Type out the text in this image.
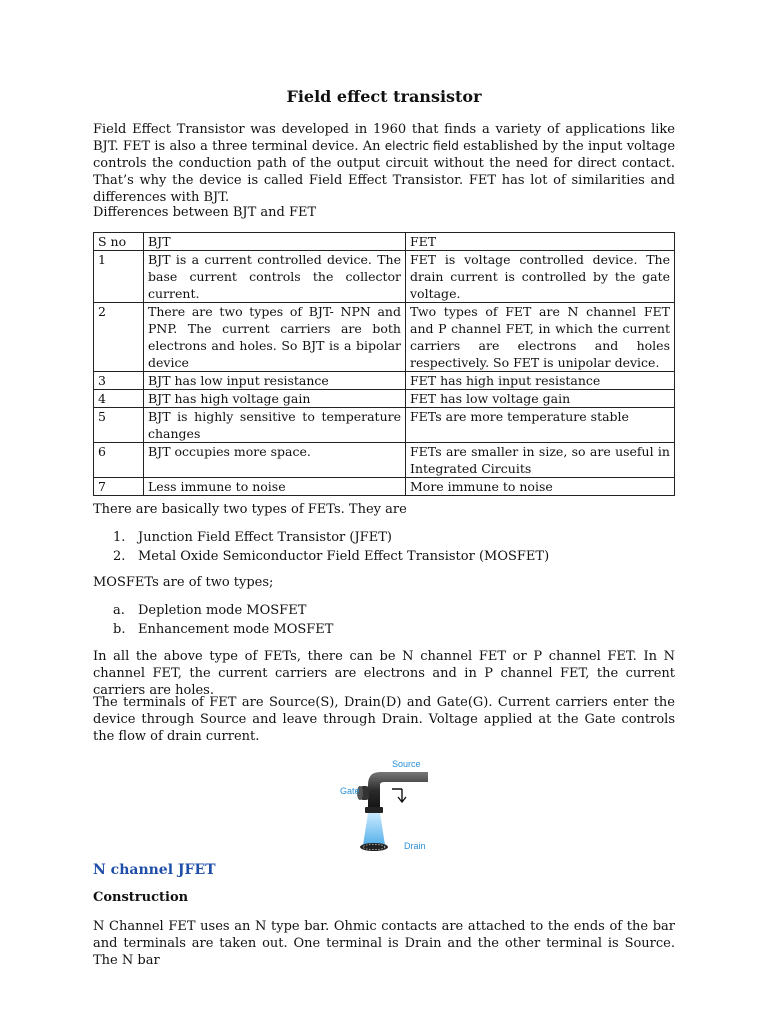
Field effect transistor

Field Effect Transistor was developed in 1960 that finds a variety of applications like BJT. FET is also a three terminal device. An electric field established by the input voltage controls the conduction path of the output circuit without the need for direct contact. That’s why the device is called Field Effect Transistor. FET has lot of similarities and differences with BJT.

Differences between BJT and FET
S no	BJT	FET
1	BJT is a current controlled device. The base current controls the collector current.	FET is voltage controlled device. The drain current is controlled by the gate voltage.
2	There are two types of BJT- NPN and PNP. The current carriers are both electrons and holes. So BJT is a bipolar device	Two types of FET are N channel FET and P channel FET, in which the current carriers are electrons and holes respectively. So FET is unipolar device.
3	BJT has low input resistance	FET has high input resistance
4	BJT has high voltage gain	FET has low voltage gain
5	BJT is highly sensitive to temperature changes	FETs are more temperature stable
6	BJT occupies more space.	FETs are smaller in size, so are useful in Integrated Circuits
7	Less immune to noise	More immune to noise

There are basically two types of FETs. They are

1. Junction Field Effect Transistor (JFET)
2. Metal Oxide Semiconductor Field Effect Transistor (MOSFET)

MOSFETs are of two types;

a. Depletion mode MOSFET
b. Enhancement mode MOSFET

In all the above type of FETs, there can be N channel FET or P channel FET. In N channel FET, the current carriers are electrons and in P channel FET, the current carriers are holes.

The terminals of FET are Source(S), Drain(D) and Gate(G). Current carriers enter the device through Source and leave through Drain. Voltage applied at the Gate controls the flow of drain current.

Source
Gate
Drain
N channel JFET
Construction

N Channel FET uses an N type bar. Ohmic contacts are attached to the ends of the bar and terminals are taken out. One terminal is Drain and the other terminal is Source. The N bar
